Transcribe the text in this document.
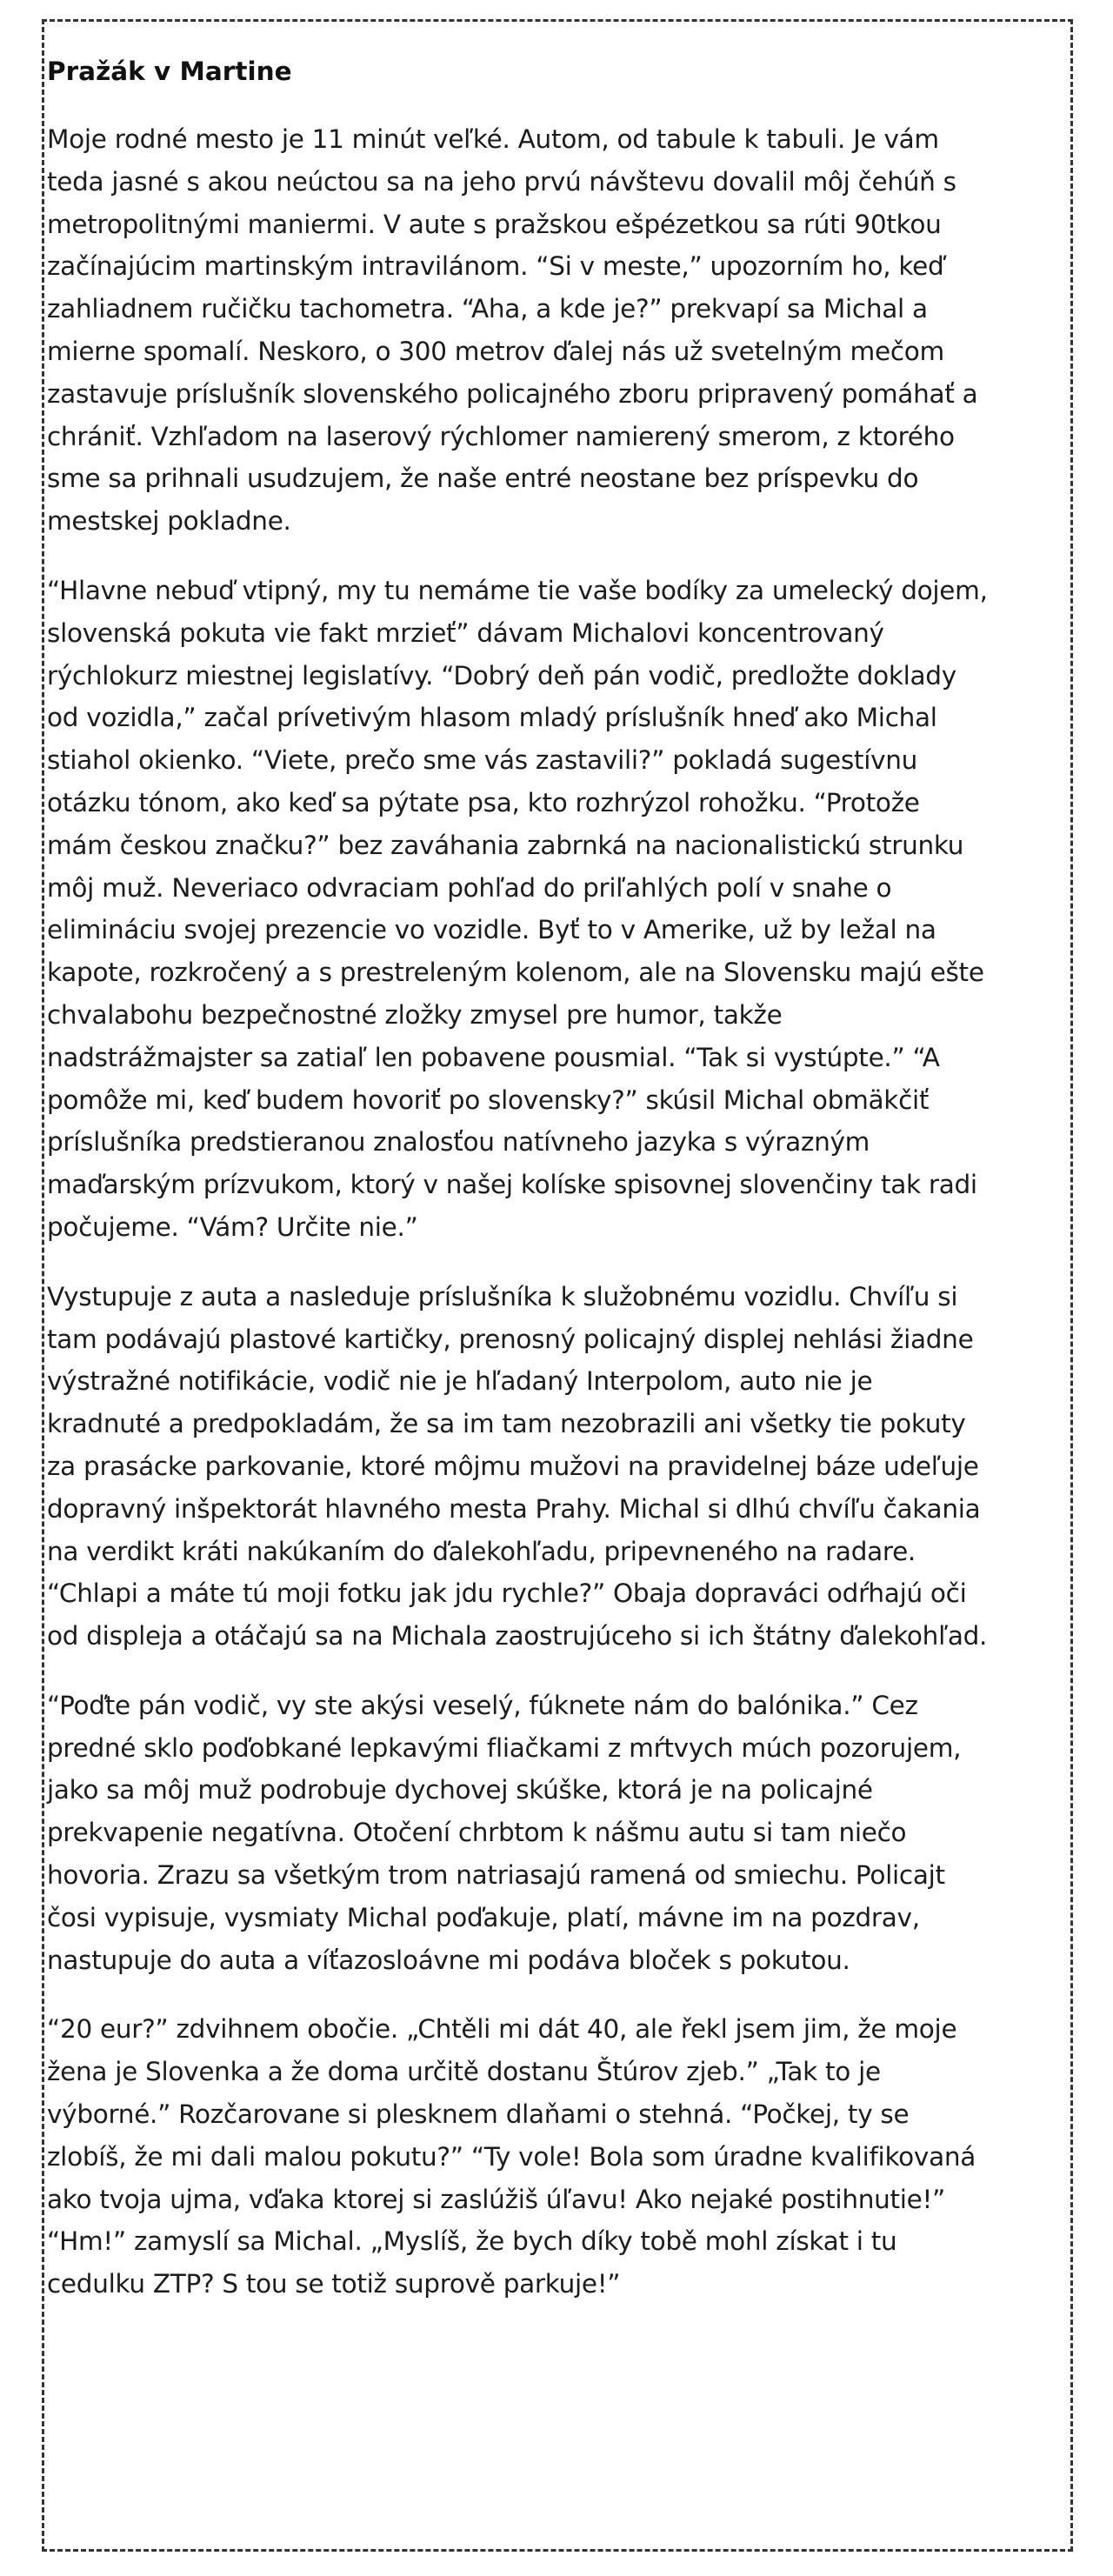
Pražák v Martine

Moje rodné mesto je 11 minút veľké. Autom, od tabule k tabuli. Je vám teda jasné s akou neúctou sa na jeho prvú návštevu dovalil môj čehúň s metropolitnými maniermi. V aute s pražskou ešpézetkou sa rúti 90tkou začínajúcim martinským intravilánom. “Si v meste,” upozorním ho, keď zahliadnem ručičku tachometra. “Aha, a kde je?” prekvapí sa Michal a mierne spomalí. Neskoro, o 300 metrov ďalej nás už svetelným mečom zastavuje príslušník slovenského policajného zboru pripravený pomáhať a chrániť. Vzhľadom na laserový rýchlomer namierený smerom, z ktorého sme sa prihnali usudzujem, že naše entré neostane bez príspevku do mestskej pokladne.

“Hlavne nebuď vtipný, my tu nemáme tie vaše bodíky za umelecký dojem, slovenská pokuta vie fakt mrzieť” dávam Michalovi koncentrovaný rýchlokurz miestnej legislatívy. “Dobrý deň pán vodič, predložte doklady od vozidla,” začal prívetivým hlasom mladý príslušník hneď ako Michal stiahol okienko. “Viete, prečo sme vás zastavili?” pokladá sugestívnu otázku tónom, ako keď sa pýtate psa, kto rozhrýzol rohožku. “Protože mám českou značku?” bez zaváhania zabrnká na nacionalistickú strunku môj muž. Neveriaco odvraciam pohľad do priľahlých polí v snahe o elimináciu svojej prezencie vo vozidle. Byť to v Amerike, už by ležal na kapote, rozkročený a s prestreleným kolenom, ale na Slovensku majú ešte chvalabohu bezpečnostné zložky zmysel pre humor, takže nadstrážmajster sa zatiaľ len pobavene pousmial. “Tak si vystúpte.” “A pomôže mi, keď budem hovoriť po slovensky?” skúsil Michal obmäkčiť príslušníka predstieranou znalosťou natívneho jazyka s výrazným maďarským prízvukom, ktorý v našej kolíske spisovnej slovenčiny tak radi počujeme. “Vám? Určite nie.”

Vystupuje z auta a nasleduje príslušníka k služobnému vozidlu. Chvíľu si tam podávajú plastové kartičky, prenosný policajný displej nehlási žiadne výstražné notifikácie, vodič nie je hľadaný Interpolom, auto nie je kradnuté a predpokladám, že sa im tam nezobrazili ani všetky tie pokuty za prasácke parkovanie, ktoré môjmu mužovi na pravidelnej báze udeľuje dopravný inšpektorát hlavného mesta Prahy. Michal si dlhú chvíľu čakania na verdikt kráti nakúkaním do ďalekohľadu, pripevneného na radare. “Chlapi a máte tú moji fotku jak jdu rychle?” Obaja dopraváci odŕhajú oči od displeja a otáčajú sa na Michala zaostrujúceho si ich štátny ďalekohľad.

“Poďte pán vodič, vy ste akýsi veselý, fúknete nám do balónika.” Cez predné sklo poďobkané lepkavými fliačkami z mŕtvych múch pozorujem, jako sa môj muž podrobuje dychovej skúške, ktorá je na policajné prekvapenie negatívna. Otočení chrbtom k nášmu autu si tam niečo hovoria. Zrazu sa všetkým trom natriasajú ramená od smiechu. Policajt čosi vypisuje, vysmiaty Michal poďakuje, platí, mávne im na pozdrav, nastupuje do auta a víťazosloávne mi podáva bloček s pokutou.

“20 eur?” zdvihnem obočie. „Chtěli mi dát 40, ale řekl jsem jim, že moje žena je Slovenka a že doma určitě dostanu Štúrov zjeb.” „Tak to je výborné.” Rozčarovane si plesknem dlaňami o stehná. “Počkej, ty se zlobíš, že mi dali malou pokutu?” “Ty vole! Bola som úradne kvalifikovaná ako tvoja ujma, vďaka ktorej si zaslúžiš úľavu! Ako nejaké postihnutie!” “Hm!” zamyslí sa Michal. „Myslíš, že bych díky tobě mohl získat i tu cedulku ZTP? S tou se totiž suprově parkuje!”
